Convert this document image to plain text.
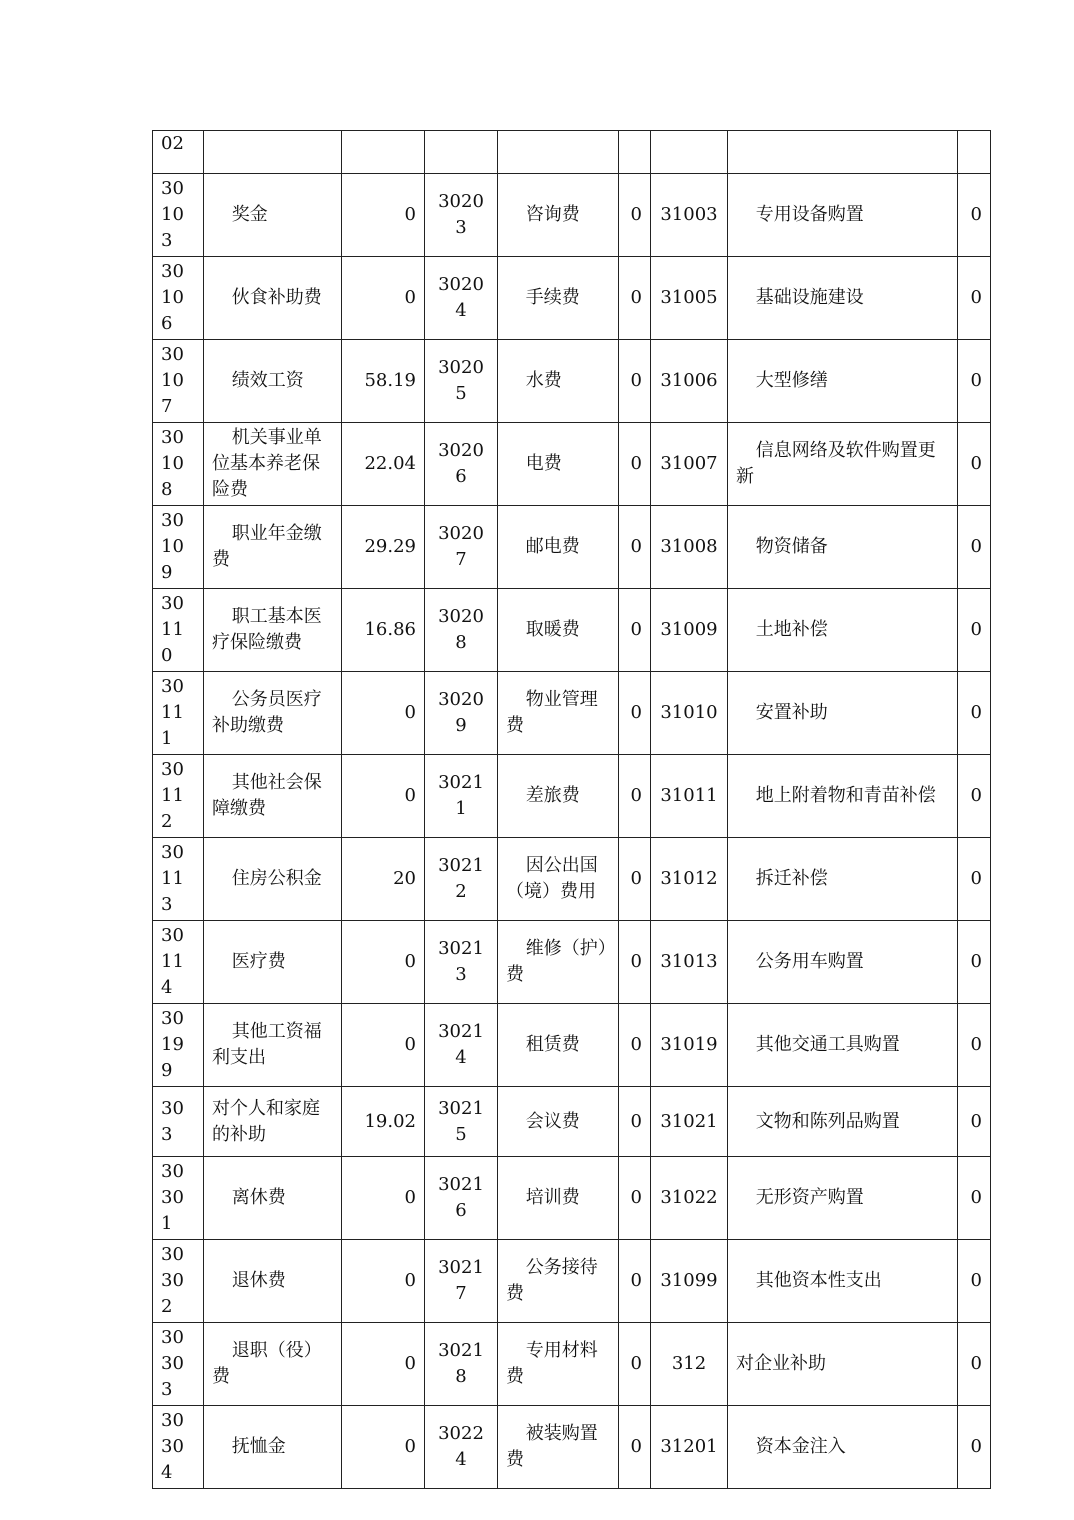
02								
30103	奖金	0	30203	咨询费	0	31003	专用设备购置	0
30106	伙食补助费	0	30204	手续费	0	31005	基础设施建设	0
30107	绩效工资	58.19	30205	水费	0	31006	大型修缮	0
30108	机关事业单位基本养老保险费	22.04	30206	电费	0	31007	信息网络及软件购置更新	0
30109	职业年金缴费	29.29	30207	邮电费	0	31008	物资储备	0
30110	职工基本医疗保险缴费	16.86	30208	取暖费	0	31009	土地补偿	0
30111	公务员医疗补助缴费	0	30209	物业管理费	0	31010	安置补助	0
30112	其他社会保障缴费	0	30211	差旅费	0	31011	地上附着物和青苗补偿	0
30113	住房公积金	20	30212	因公出国（境）费用	0	31012	拆迁补偿	0
30114	医疗费	0	30213	维修（护）费	0	31013	公务用车购置	0
30199	其他工资福利支出	0	30214	租赁费	0	31019	其他交通工具购置	0
303	对个人和家庭的补助	19.02	30215	会议费	0	31021	文物和陈列品购置	0
30301	离休费	0	30216	培训费	0	31022	无形资产购置	0
30302	退休费	0	30217	公务接待费	0	31099	其他资本性支出	0
30303	退职（役）费	0	30218	专用材料费	0	312	对企业补助	0
30304	抚恤金	0	30224	被装购置费	0	31201	资本金注入	0
